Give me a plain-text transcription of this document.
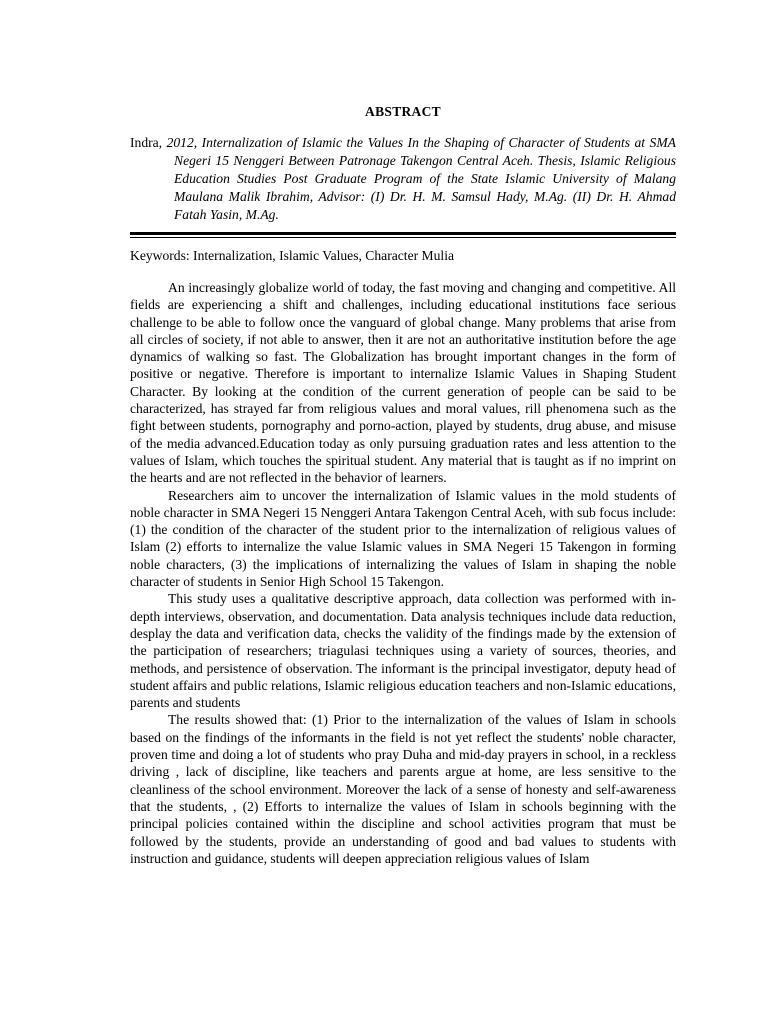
ABSTRACT

Indra, 2012, Internalization of Islamic the Values In the Shaping of Character of Students at SMA Negeri 15 Nenggeri Between Patronage Takengon Central Aceh. Thesis, Islamic Religious Education Studies Post Graduate Program of the State Islamic University of Malang Maulana Malik Ibrahim, Advisor: (I) Dr. H. M. Samsul Hady, M.Ag. (II) Dr. H. Ahmad Fatah Yasin, M.Ag.

Keywords: Internalization, Islamic Values, Character Mulia

An increasingly globalize world of today, the fast moving and changing and competitive. All fields are experiencing a shift and challenges, including educational institutions face serious challenge to be able to follow once the vanguard of global change. Many problems that arise from all circles of society, if not able to answer, then it are not an authoritative institution before the age dynamics of walking so fast. The Globalization has brought important changes in the form of positive or negative. Therefore is important to internalize Islamic Values in Shaping Student Character. By looking at the condition of the current generation of people can be said to be characterized, has strayed far from religious values and moral values, rill phenomena such as the fight between students, pornography and porno-action, played by students, drug abuse, and misuse of the media advanced.Education today as only pursuing graduation rates and less attention to the values of Islam, which touches the spiritual student. Any material that is taught as if no imprint on the hearts and are not reflected in the behavior of learners.

Researchers aim to uncover the internalization of Islamic values in the mold students of noble character in SMA Negeri 15 Nenggeri Antara Takengon Central Aceh, with sub focus include: (1) the condition of the character of the student prior to the internalization of religious values of Islam (2) efforts to internalize the value Islamic values in SMA Negeri 15 Takengon in forming noble characters, (3) the implications of internalizing the values of Islam in shaping the noble character of students in Senior High School 15 Takengon.

This study uses a qualitative descriptive approach, data collection was performed with in-depth interviews, observation, and documentation. Data analysis techniques include data reduction, desplay the data and verification data, checks the validity of the findings made by the extension of the participation of researchers; triagulasi techniques using a variety of sources, theories, and methods, and persistence of observation. The informant is the principal investigator, deputy head of student affairs and public relations, Islamic religious education teachers and non-Islamic educations, parents and students

The results showed that: (1) Prior to the internalization of the values of Islam in schools based on the findings of the informants in the field is not yet reflect the students' noble character, proven time and doing a lot of students who pray Duha and mid-day prayers in school, in a reckless driving , lack of discipline, like teachers and parents argue at home, are less sensitive to the cleanliness of the school environment. Moreover the lack of a sense of honesty and self-awareness that the students, , (2) Efforts to internalize the values of Islam in schools beginning with the principal policies contained within the discipline and school activities program that must be followed by the students, provide an understanding of good and bad values to students with instruction and guidance, students will deepen appreciation religious values of Islam
